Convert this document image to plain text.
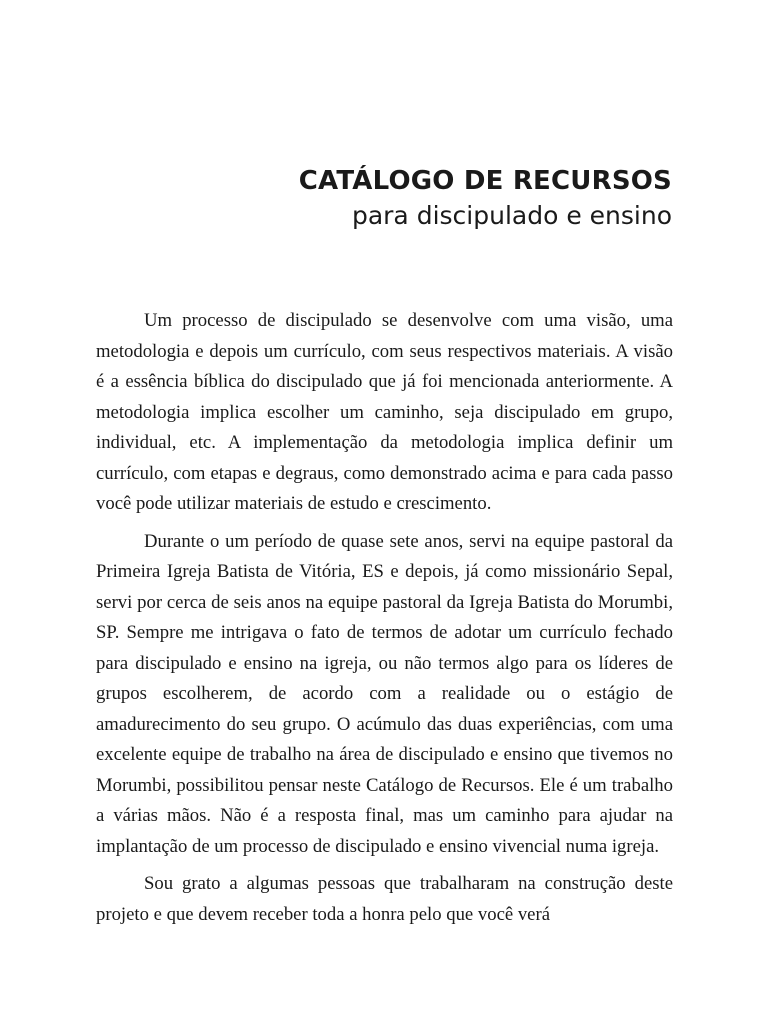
CATÁLOGO DE RECURSOS
para discipulado e ensino

Um processo de discipulado se desenvolve com uma visão, uma metodologia e depois um currículo, com seus respectivos materiais. A visão é a essência bíblica do discipulado que já foi mencionada anteriormente. A metodologia implica escolher um caminho, seja discipulado em grupo, individual, etc. A implementação da metodologia implica definir um currículo, com etapas e degraus, como demonstrado acima e para cada passo você pode utilizar materiais de estudo e crescimento.

Durante o um período de quase sete anos, servi na equipe pastoral da Primeira Igreja Batista de Vitória, ES e depois, já como missionário Sepal, servi por cerca de seis anos na equipe pastoral da Igreja Batista do Morumbi, SP. Sempre me intrigava o fato de termos de adotar um currículo fechado para discipulado e ensino na igreja, ou não termos algo para os líderes de grupos escolherem, de acordo com a realidade ou o estágio de amadurecimento do seu grupo. O acúmulo das duas experiências, com uma excelente equipe de trabalho na área de discipulado e ensino que tivemos no Morumbi, possibilitou pensar neste Catálogo de Recursos. Ele é um trabalho a várias mãos. Não é a resposta final, mas um caminho para ajudar na implantação de um processo de discipulado e ensino vivencial numa igreja.

Sou grato a algumas pessoas que trabalharam na construção deste projeto e que devem receber toda a honra pelo que você verá
